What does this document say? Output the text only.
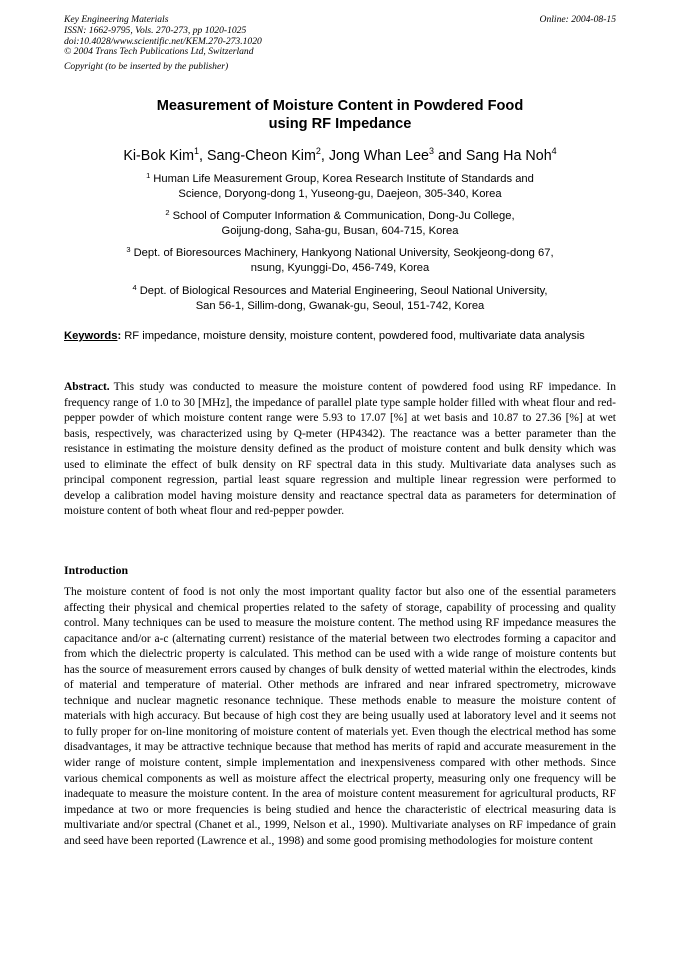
Key Engineering Materials
ISSN: 1662-9795, Vols. 270-273, pp 1020-1025
doi:10.4028/www.scientific.net/KEM.270-273.1020
© 2004 Trans Tech Publications Ltd, Switzerland
Online: 2004-08-15
Copyright (to be inserted by the publisher)
Measurement of Moisture Content in Powdered Food
using RF Impedance
Ki-Bok Kim$^1$, Sang-Cheon Kim$^2$, Jong Whan Lee$^3$ and Sang Ha Noh$^4$
$^1$ Human Life Measurement Group, Korea Research Institute of Standards and
Science, Doryong-dong 1, Yuseong-gu, Daejeon, 305-340, Korea
$^2$ School of Computer Information & Communication, Dong-Ju College,
Goijung-dong, Saha-gu, Busan, 604-715, Korea
$^3$ Dept. of Bioresources Machinery, Hankyong National University, Seokjeong-dong 67,
nsung, Kyunggi-Do, 456-749, Korea
$^4$ Dept. of Biological Resources and Material Engineering, Seoul National University,
San 56-1, Sillim-dong, Gwanak-gu, Seoul, 151-742, Korea
Keywords: RF impedance, moisture density, moisture content, powdered food, multivariate data analysis
Abstract. This study was conducted to measure the moisture content of powdered food using RF impedance. In frequency range of 1.0 to 30 [MHz], the impedance of parallel plate type sample holder filled with wheat flour and red-pepper powder of which moisture content range were 5.93 to 17.07 [%] at wet basis and 10.87 to 27.36 [%] at wet basis, respectively, was characterized using by Q-meter (HP4342). The reactance was a better parameter than the resistance in estimating the moisture density defined as the product of moisture content and bulk density which was used to eliminate the effect of bulk density on RF spectral data in this study. Multivariate data analyses such as principal component regression, partial least square regression and multiple linear regression were performed to develop a calibration model having moisture density and reactance spectral data as parameters for determination of moisture content of both wheat flour and red-pepper powder.
Introduction
The moisture content of food is not only the most important quality factor but also one of the essential parameters affecting their physical and chemical properties related to the safety of storage, capability of processing and quality control. Many techniques can be used to measure the moisture content. The method using RF impedance measures the capacitance and/or a-c (alternating current) resistance of the material between two electrodes forming a capacitor and from which the dielectric property is calculated. This method can be used with a wide range of moisture contents but has the source of measurement errors caused by changes of bulk density of wetted material within the electrodes, kinds of material and temperature of material. Other methods are infrared and near infrared spectrometry, microwave technique and nuclear magnetic resonance technique. These methods enable to measure the moisture content of materials with high accuracy. But because of high cost they are being usually used at laboratory level and it seems not to fully proper for on-line monitoring of moisture content of materials yet. Even though the electrical method has some disadvantages, it may be attractive technique because that method has merits of rapid and accurate measurement in the wider range of moisture content, simple implementation and inexpensiveness compared with other methods. Since various chemical components as well as moisture affect the electrical property, measuring only one frequency will be inadequate to measure the moisture content. In the area of moisture content measurement for agricultural products, RF impedance at two or more frequencies is being studied and hence the characteristic of electrical measuring data is multivariate and/or spectral (Chanet et al., 1999, Nelson et al., 1990). Multivariate analyses on RF impedance of grain and seed have been reported (Lawrence et al., 1998) and some good promising methodologies for moisture content
